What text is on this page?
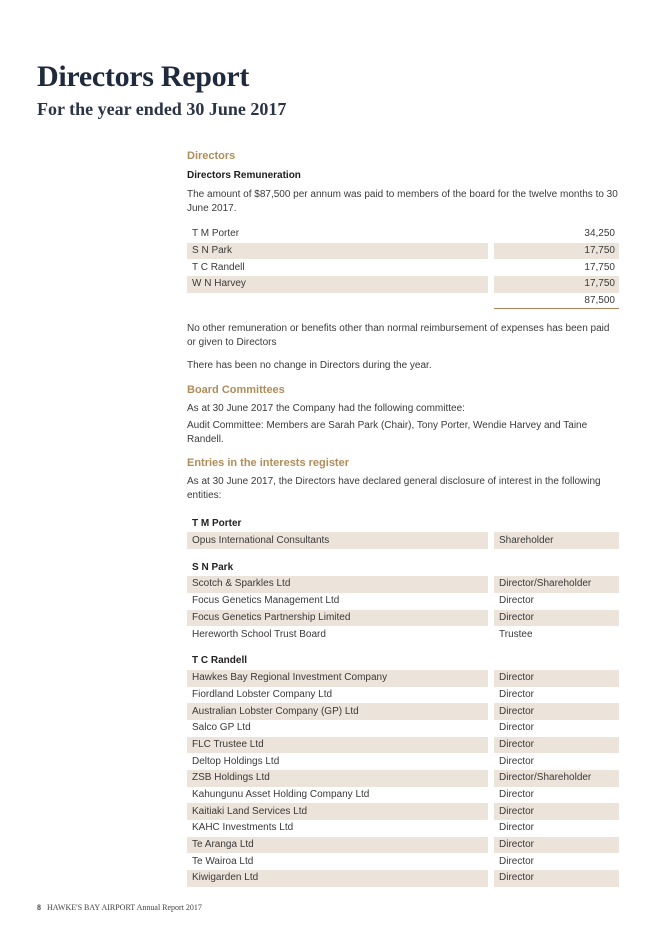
Directors Report
For the year ended 30 June 2017
Directors
Directors Remuneration

The amount of $87,500 per annum was paid to members of the board for the twelve months to 30 June 2017.

T M Porter	34,250
S N Park	17,750
T C Randell	17,750
W N Harvey	17,750
87,500

No other remuneration or benefits other than normal reimbursement of expenses has been paid or given to Directors

There has been no change in Directors during the year.

Board Committees

As at 30 June 2017 the Company had the following committee:

Audit Committee: Members are Sarah Park (Chair), Tony Porter, Wendie Harvey and Taine Randell.

Entries in the interests register

As at 30 June 2017, the Directors have declared general disclosure of interest in the following entities:

T M Porter
Opus International Consultants	Shareholder
S N Park
Scotch & Sparkles Ltd	Director/Shareholder
Focus Genetics Management Ltd	Director
Focus Genetics Partnership Limited	Director
Hereworth School Trust Board	Trustee
T C Randell
Hawkes Bay Regional Investment Company	Director
Fiordland Lobster Company Ltd	Director
Australian Lobster Company (GP) Ltd	Director
Salco GP Ltd	Director
FLC Trustee Ltd	Director
Deltop Holdings Ltd	Director
ZSB Holdings Ltd	Director/Shareholder
Kahungunu Asset Holding Company Ltd	Director
Kaitiaki Land Services Ltd	Director
KAHC Investments Ltd	Director
Te Aranga Ltd	Director
Te Wairoa Ltd	Director
Kiwigarden Ltd	Director
8 HAWKE'S BAY AIRPORT Annual Report 2017
